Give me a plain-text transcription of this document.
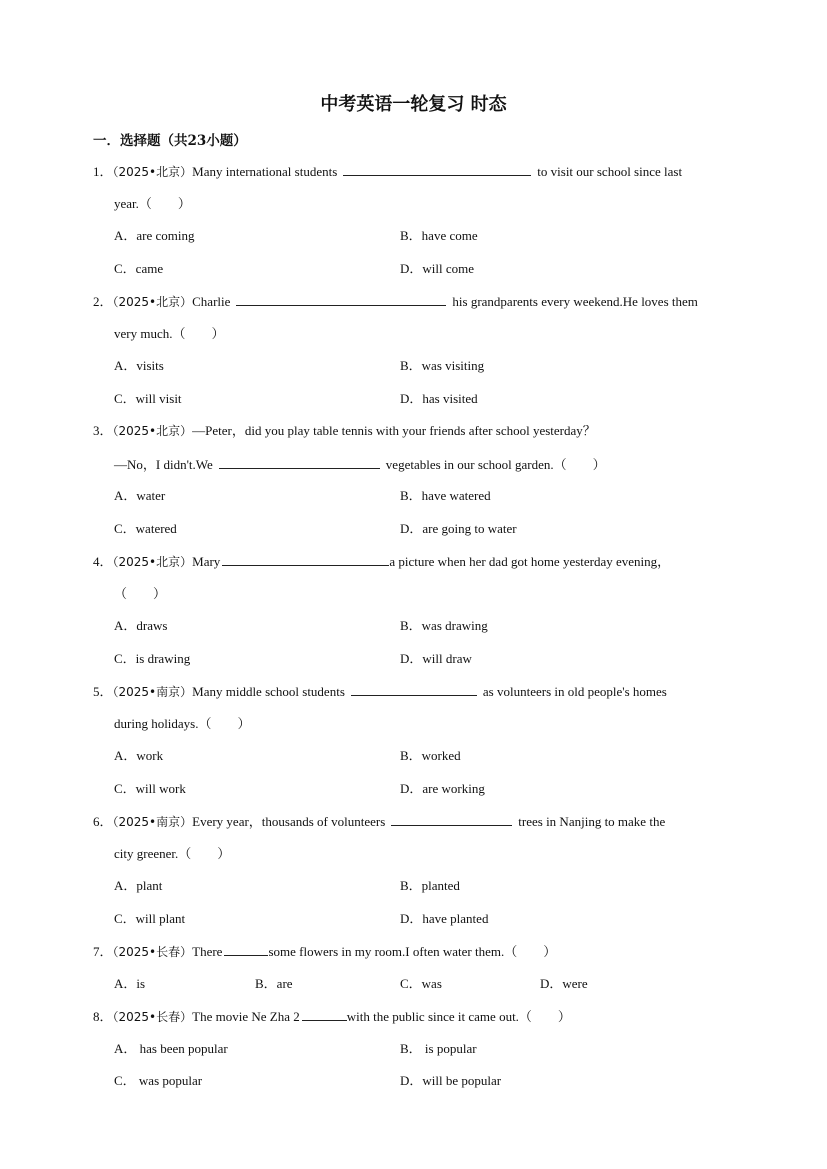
中考英语一轮复习 时态
一．选择题（共23小题）
1．（2025•北京）Many international students	to visit our school since last
year.（　　）
A．are coming	B．have come
C．came	D．will come
2．（2025•北京）Charlie	his grandparents every weekend.He loves them
very much.（　　）
A．visits	B．was visiting
C．will visit	D．has visited
3．（2025•北京）—Peter，did you play table tennis with your friends after school yesterday？
—No，I didn't.We	vegetables in our school garden.（　　）
A．water	B．have watered
C．watered	D．are going to water
4．（2025•北京）Mary	a picture when her dad got home yesterday evening，
（　　）
A．draws	B．was drawing
C．is drawing	D．will draw
5．（2025•南京）Many middle school students	as volunteers in old people's homes
during holidays.（　　）
A．work	B．worked
C．will work	D．are working
6．（2025•南京）Every year，thousands of volunteers	trees in Nanjing to make the
city greener.（　　）
A．plant	B．planted
C．will plant	D．have planted
7．（2025•长春）There	some flowers in my room.I often water them.（　　）
A．is	B．are	C．was	D．were
8．（2025•长春）The movie Ne Zha 2	with the public since it came out.（　　）
A． has been popular	B． is popular
C． was popular	D．will be popular
